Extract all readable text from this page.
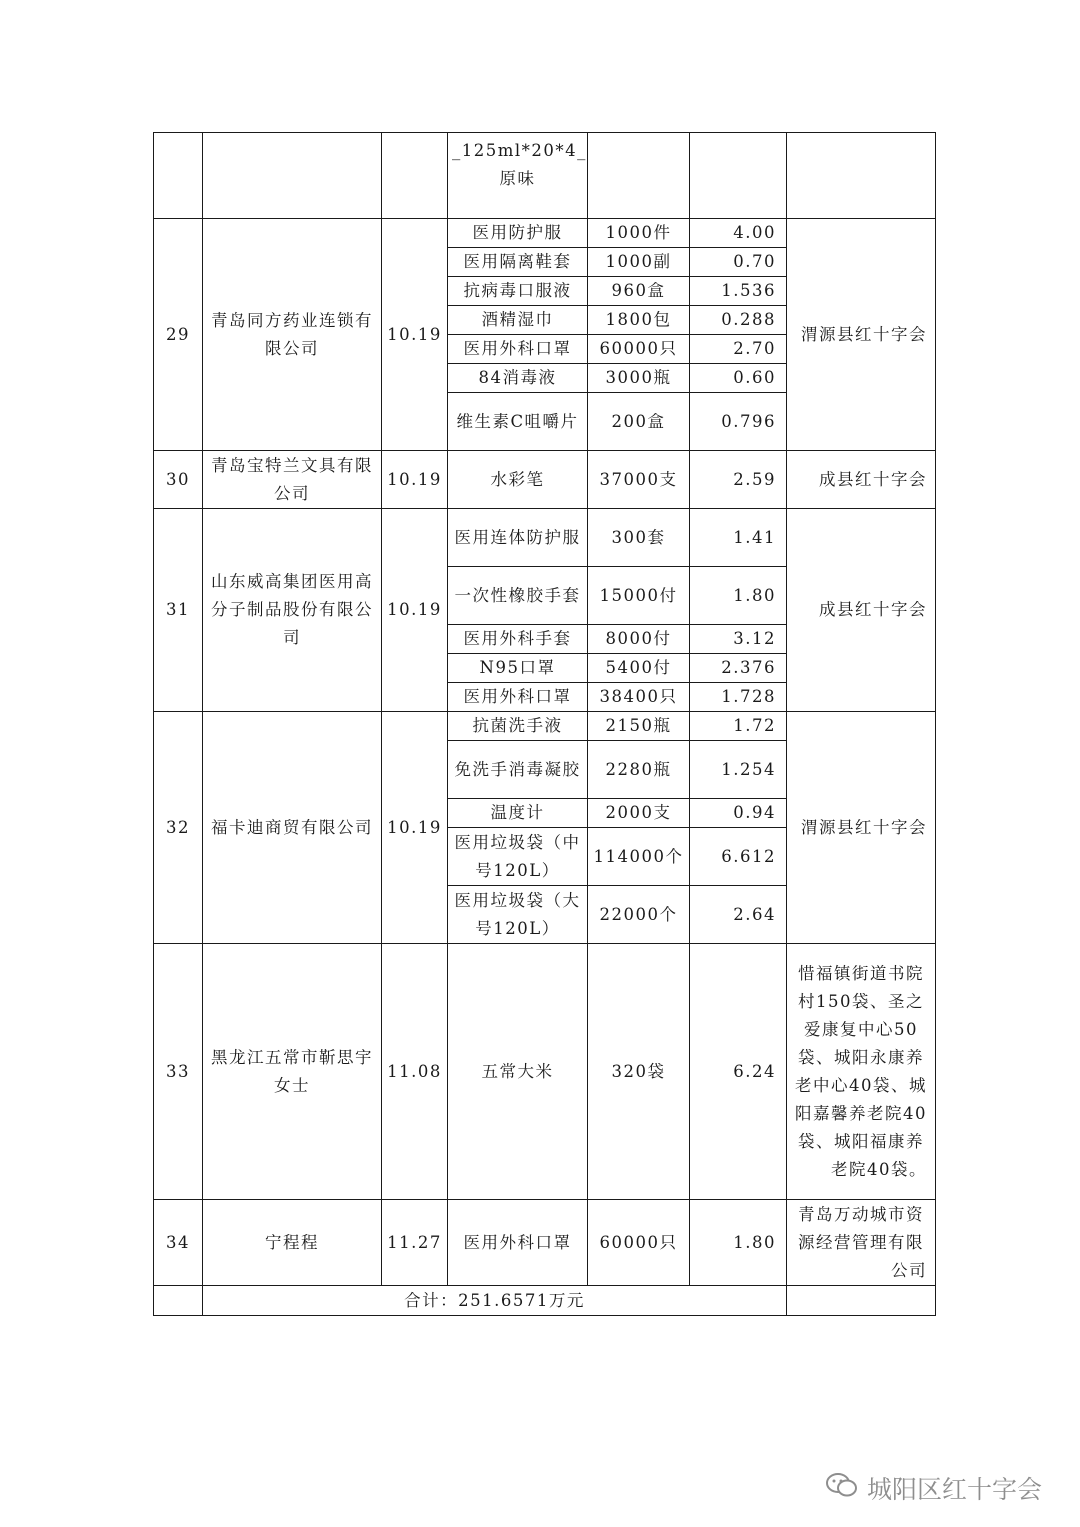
			_125ml*20*4_
原味			
29	青岛同方药业连锁有限公司	10.19	医用防护服	1000件	4.00	渭源县红十字会
			医用隔离鞋套	1000副	0.70	
			抗病毒口服液	960盒	1.536	
			酒精湿巾	1800包	0.288	
			医用外科口罩	60000只	2.70	
			84消毒液	3000瓶	0.60	
			维生素C咀嚼片	200盒	0.796	
30	青岛宝特兰文具有限公司	10.19	水彩笔	37000支	2.59	成县红十字会
31	山东威高集团医用高分子制品股份有限公司	10.19	医用连体防护服	300套	1.41	成县红十字会
			一次性橡胶手套	15000付	1.80	
			医用外科手套	8000付	3.12	
			N95口罩	5400付	2.376	
			医用外科口罩	38400只	1.728	
32	福卡迪商贸有限公司	10.19	抗菌洗手液	2150瓶	1.72	渭源县红十字会
			免洗手消毒凝胶	2280瓶	1.254	
			温度计	2000支	0.94	
			医用垃圾袋（中号120L）	114000个	6.612	
			医用垃圾袋（大号120L）	22000个	2.64	
33	黑龙江五常市靳思宇女士	11.08	五常大米	320袋	6.24	惜福镇街道书院村150袋、圣之爱康复中心50袋、城阳永康养老中心40袋、城阳嘉馨养老院40袋、城阳福康养老院40袋。
34	宁程程	11.27	医用外科口罩	60000只	1.80	青岛万动城市资源经营管理有限公司
	合计：251.6571万元					
城阳区红十字会
